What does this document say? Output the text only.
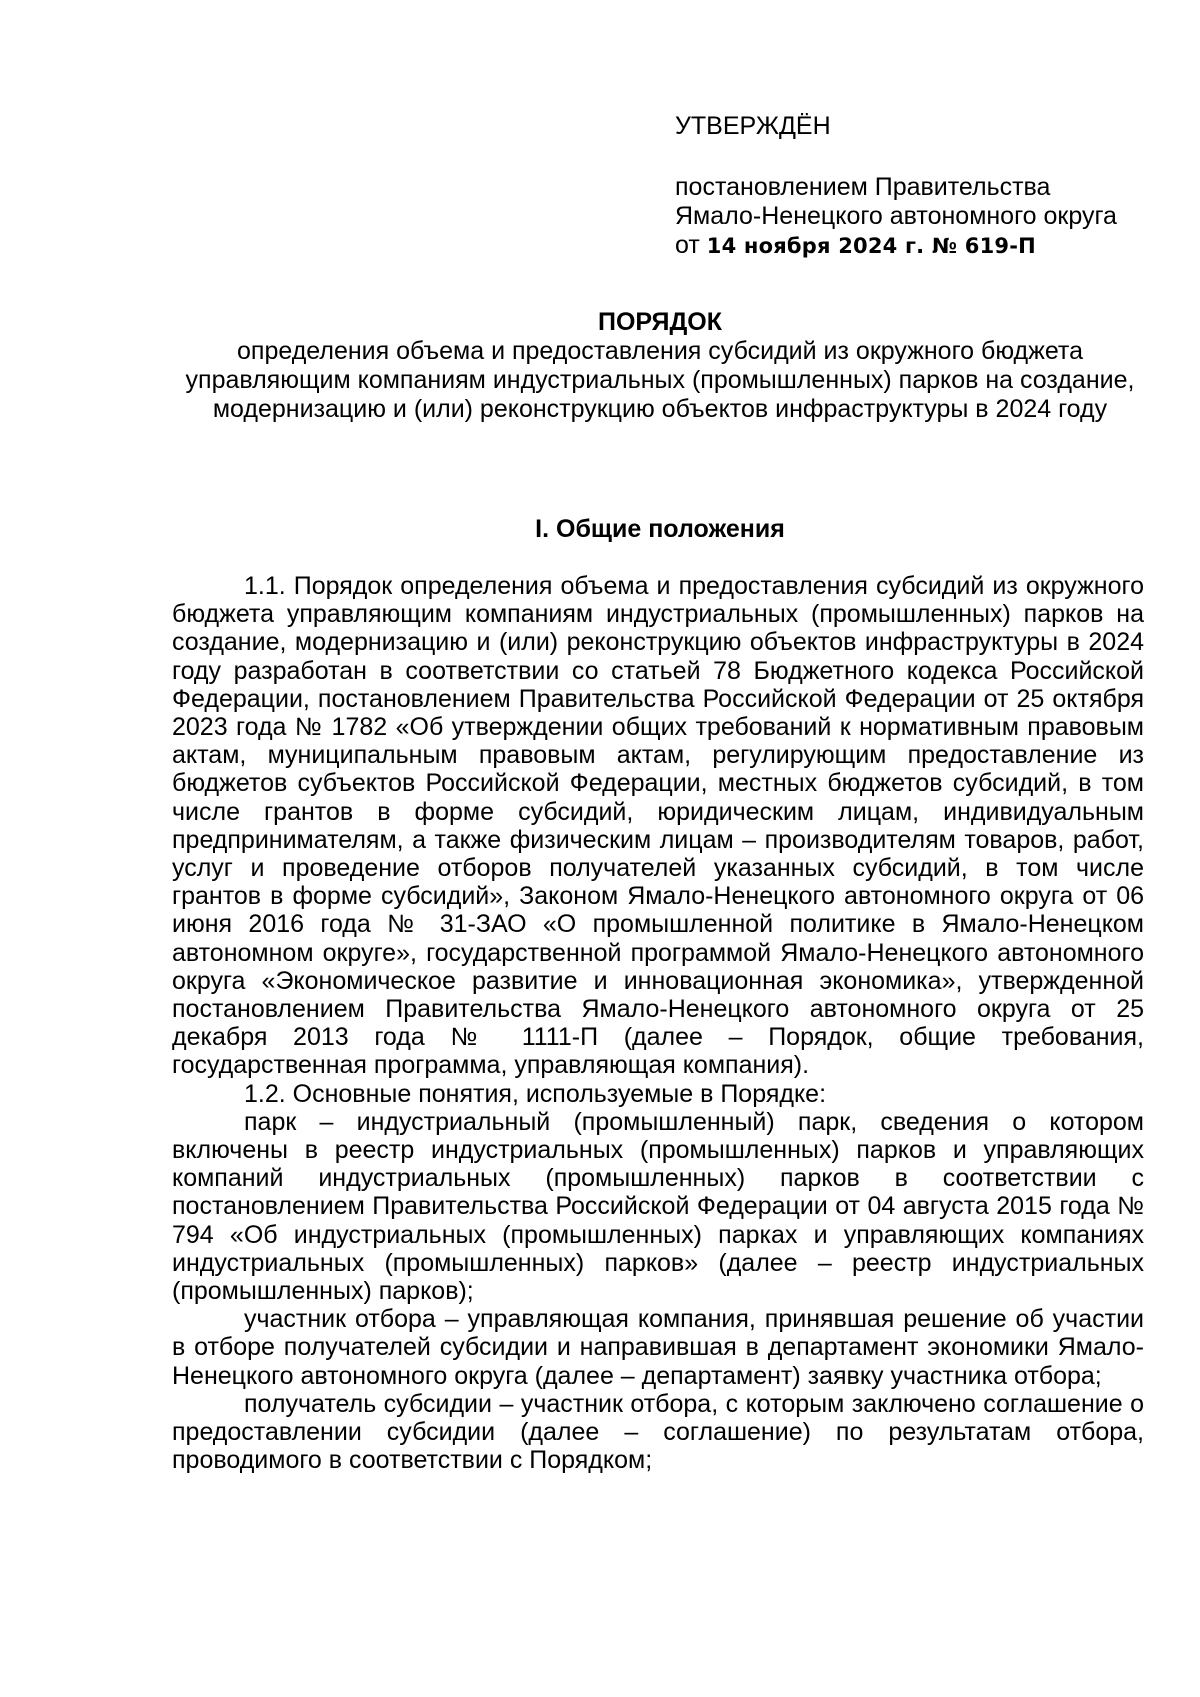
УТВЕРЖДЁН
постановлением Правительства
Ямало-Ненецкого автономного округа
от 14 ноября 2024 г. № 619-П
ПОРЯДОК
определения объема и предоставления субсидий из окружного бюджета управляющим компаниям индустриальных (промышленных) парков на создание, модернизацию и (или) реконструкцию объектов инфраструктуры в 2024 году
I. Общие положения

1.1. Порядок определения объема и предоставления субсидий из окружного бюджета управляющим компаниям индустриальных (промышленных) парков на создание, модернизацию и (или) реконструкцию объектов инфраструктуры в 2024 году разработан в соответствии со статьей 78 Бюджетного кодекса Российской Федерации, постановлением Правительства Российской Федерации от 25 октября 2023 года № 1782 «Об утверждении общих требований к нормативным правовым актам, муниципальным правовым актам, регулирующим предоставление из бюджетов субъектов Российской Федерации, местных бюджетов субсидий, в том числе грантов в форме субсидий, юридическим лицам, индивидуальным предпринимателям, а также физическим лицам – производителям товаров, работ, услуг и проведение отборов получателей указанных субсидий, в том числе грантов в форме субсидий», Законом Ямало-Ненецкого автономного округа от 06 июня 2016 года № 31-ЗАО «О промышленной политике в Ямало-Ненецком автономном округе», государственной программой Ямало-Ненецкого автономного округа «Экономическое развитие и инновационная экономика», утвержденной постановлением Правительства Ямало-Ненецкого автономного округа от 25 декабря 2013 года № 1111-П (далее – Порядок, общие требования, государственная программа, управляющая компания).

1.2. Основные понятия, используемые в Порядке:

парк – индустриальный (промышленный) парк, сведения о котором включены в реестр индустриальных (промышленных) парков и управляющих компаний индустриальных (промышленных) парков в соответствии с постановлением Правительства Российской Федерации от 04 августа 2015 года № 794 «Об индустриальных (промышленных) парках и управляющих компаниях индустриальных (промышленных) парков» (далее – реестр индустриальных (промышленных) парков);

участник отбора – управляющая компания, принявшая решение об участии в отборе получателей субсидии и направившая в департамент экономики Ямало-Ненецкого автономного округа (далее – департамент) заявку участника отбора;

получатель субсидии – участник отбора, с которым заключено соглашение о предоставлении субсидии (далее – соглашение) по результатам отбора, проводимого в соответствии с Порядком;
